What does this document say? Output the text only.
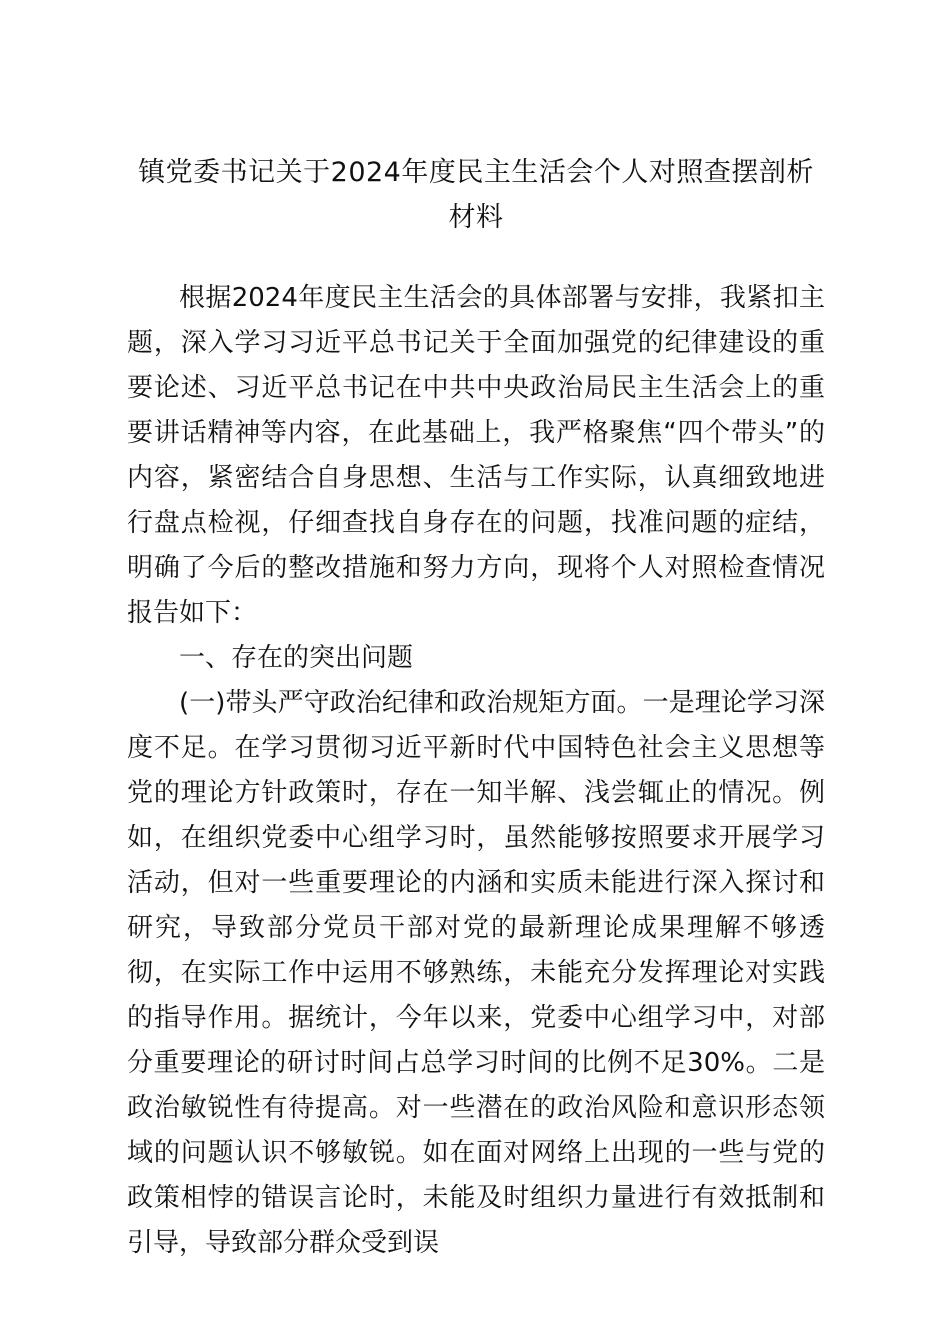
镇党委书记关于2024年度民主生活会个人对照查摆剖析材料

根据2024年度民主生活会的具体部署与安排，我紧扣主题，深入学习习近平总书记关于全面加强党的纪律建设的重要论述、习近平总书记在中共中央政治局民主生活会上的重要讲话精神等内容，在此基础上，我严格聚焦“四个带头”的内容，紧密结合自身思想、生活与工作实际，认真细致地进行盘点检视，仔细查找自身存在的问题，找准问题的症结，明确了今后的整改措施和努力方向，现将个人对照检查情况报告如下：

一、存在的突出问题

(一)带头严守政治纪律和政治规矩方面。一是理论学习深度不足。在学习贯彻习近平新时代中国特色社会主义思想等党的理论方针政策时，存在一知半解、浅尝辄止的情况。例如，在组织党委中心组学习时，虽然能够按照要求开展学习活动，但对一些重要理论的内涵和实质未能进行深入探讨和研究，导致部分党员干部对党的最新理论成果理解不够透彻，在实际工作中运用不够熟练，未能充分发挥理论对实践的指导作用。据统计，今年以来，党委中心组学习中，对部分重要理论的研讨时间占总学习时间的比例不足30%。二是政治敏锐性有待提高。对一些潜在的政治风险和意识形态领域的问题认识不够敏锐。如在面对网络上出现的一些与党的政策相悖的错误言论时，未能及时组织力量进行有效抵制和引导，导致部分群众受到误
